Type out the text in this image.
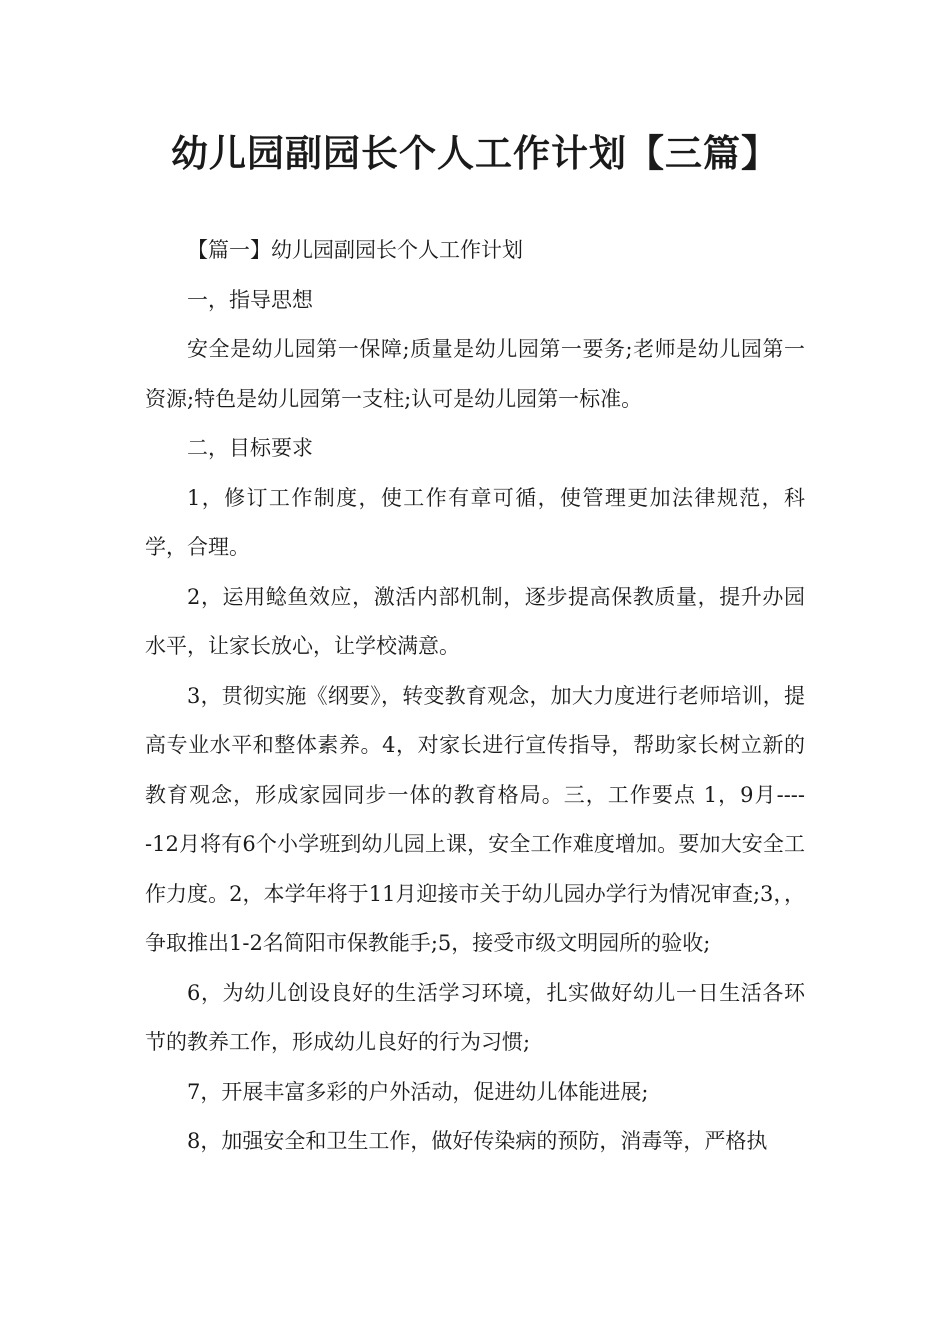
幼儿园副园长个人工作计划【三篇】

【篇一】幼儿园副园长个人工作计划

一，指导思想

安全是幼儿园第一保障;质量是幼儿园第一要务;老师是幼儿园第一资源;特色是幼儿园第一支柱;认可是幼儿园第一标准。

二，目标要求

1，修订工作制度，使工作有章可循，使管理更加法律规范，科学，合理。

2，运用鲶鱼效应，激活内部机制，逐步提高保教质量，提升办园水平，让家长放心，让学校满意。

3，贯彻实施《纲要》，转变教育观念，加大力度进行老师培训，提高专业水平和整体素养。4，对家长进行宣传指导，帮助家长树立新的教育观念，形成家园同步一体的教育格局。三，工作要点 1，9月-----12月将有6个小学班到幼儿园上课，安全工作难度增加。要加大安全工作力度。2，本学年将于11月迎接市关于幼儿园办学行为情况审查;3，，争取推出1-2名简阳市保教能手;5，接受市级文明园所的验收;

6，为幼儿创设良好的生活学习环境，扎实做好幼儿一日生活各环节的教养工作，形成幼儿良好的行为习惯;

7，开展丰富多彩的户外活动，促进幼儿体能进展;

8，加强安全和卫生工作，做好传染病的预防，消毒等，严格执
